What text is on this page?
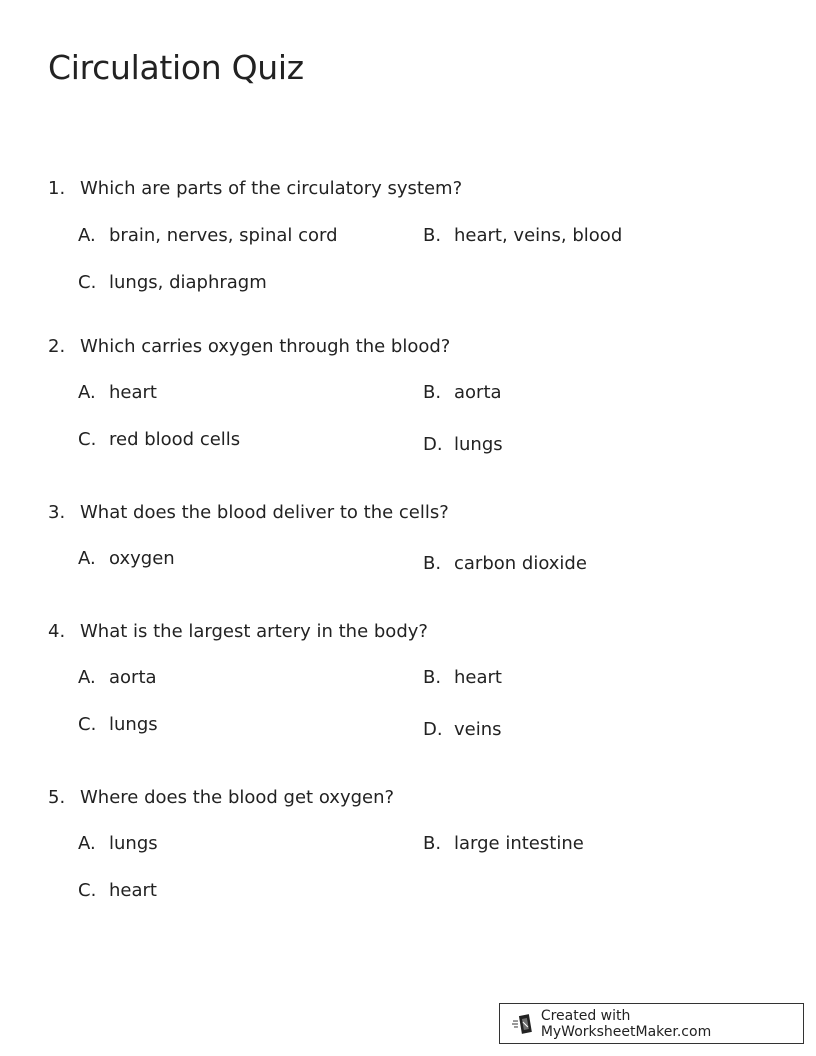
Circulation Quiz
1. Which are parts of the circulatory system?
A. brain, nerves, spinal cord	B. heart, veins, blood
C. lungs, diaphragm
2. Which carries oxygen through the blood?
A. heart	B. aorta
C. red blood cells	D. lungs
3. What does the blood deliver to the cells?
A. oxygen	B. carbon dioxide
4. What is the largest artery in the body?
A. aorta	B. heart
C. lungs	D. veins
5. Where does the blood get oxygen?
A. lungs	B. large intestine
C. heart
Created with MyWorksheetMaker.com
